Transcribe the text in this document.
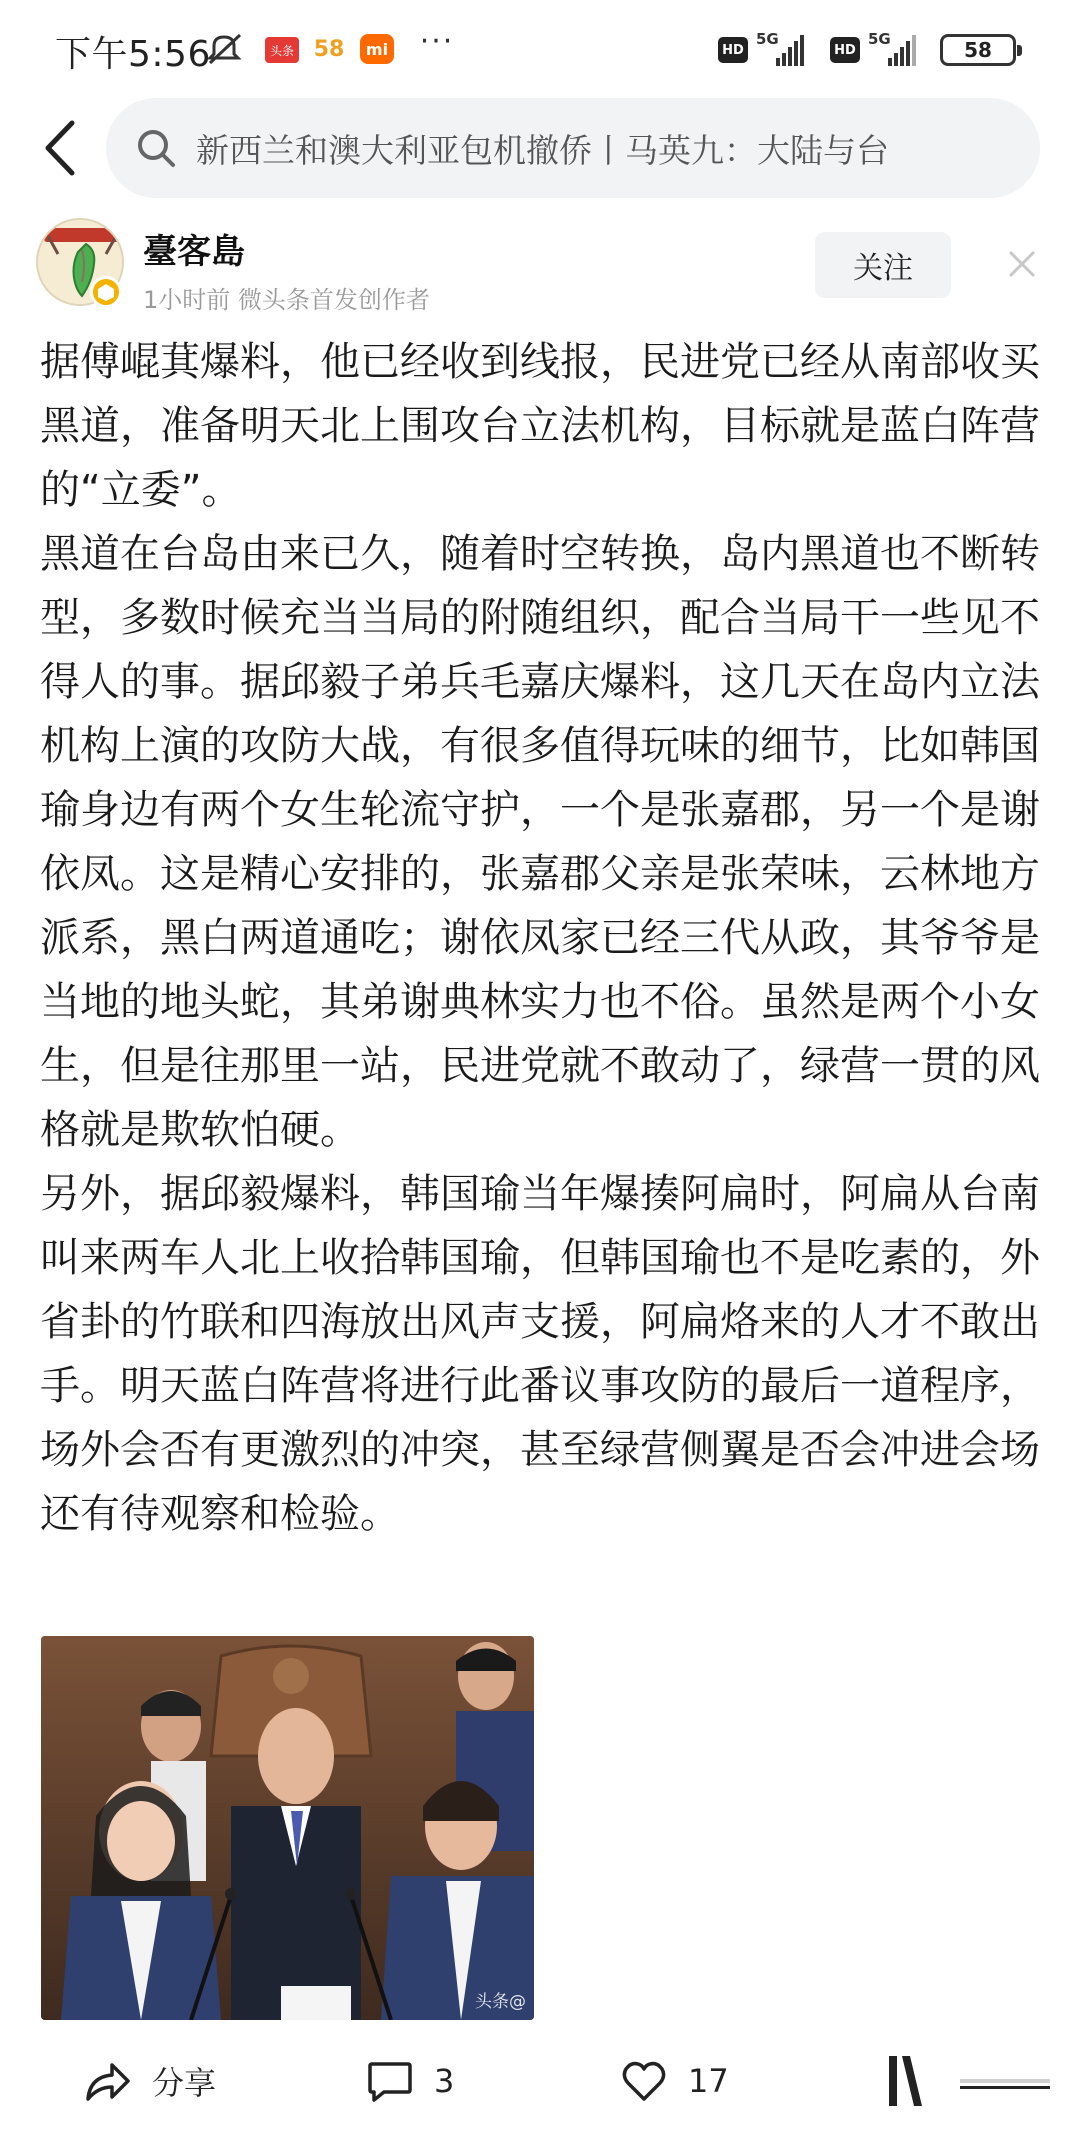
下午5:56	头条 58	mi ···	HD
5G
HD
5G	58
新西兰和澳大利亚包机撤侨丨马英九：大陆与台
臺客島
1小时前 微头条首发创作者
关注

据傅崐萁爆料，他已经收到线报，民进党已经从南部收买黑道，准备明天北上围攻台立法机构，目标就是蓝白阵营的“立委”。

黑道在台岛由来已久，随着时空转换，岛内黑道也不断转型，多数时候充当当局的附随组织，配合当局干一些见不得人的事。据邱毅子弟兵毛嘉庆爆料，这几天在岛内立法机构上演的攻防大战，有很多值得玩味的细节，比如韩国瑜身边有两个女生轮流守护，一个是张嘉郡，另一个是谢依凤。这是精心安排的，张嘉郡父亲是张荣味，云林地方派系，黑白两道通吃；谢依凤家已经三代从政，其爷爷是当地的地头蛇，其弟谢典林实力也不俗。虽然是两个小女生，但是往那里一站，民进党就不敢动了，绿营一贯的风格就是欺软怕硬。

另外，据邱毅爆料，韩国瑜当年爆揍阿扁时，阿扁从台南叫来两车人北上收拾韩国瑜，但韩国瑜也不是吃素的，外省卦的竹联和四海放出风声支援，阿扁烙来的人才不敢出手。明天蓝白阵营将进行此番议事攻防的最后一道程序，场外会否有更激烈的冲突，甚至绿营侧翼是否会冲进会场还有待观察和检验。

头条@
分享	3	17
